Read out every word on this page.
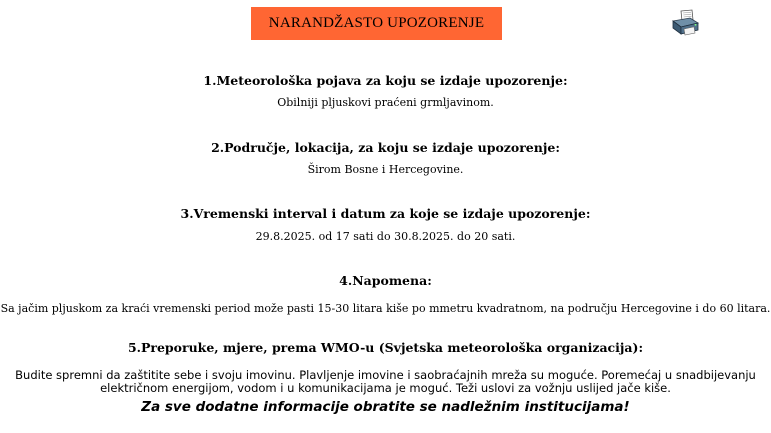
NARANDŽASTO UPOZORENJE
1.Meteorološka pojava za koju se izdaje upozorenje:
Obilniji pljuskovi praćeni grmljavinom.
2.Područje, lokacija, za koju se izdaje upozorenje:
Širom Bosne i Hercegovine.
3.Vremenski interval i datum za koje se izdaje upozorenje:
29.8.2025. od 17 sati do 30.8.2025. do 20 sati.
4.Napomena:
Sa jačim pljuskom za kraći vremenski period može pasti 15-30 litara kiše po mmetru kvadratnom, na području Hercegovine i do 60 litara.
5.Preporuke, mjere, prema WMO-u (Svjetska meteorološka organizacija):
Budite spremni da zaštitite sebe i svoju imovinu. Plavljenje imovine i saobraćajnih mreža su moguće. Poremećaj u snadbijevanju električnom energijom, vodom i u komunikacijama je moguć. Teži uslovi za vožnju uslijed jače kiše.
Za sve dodatne informacije obratite se nadležnim institucijama!
